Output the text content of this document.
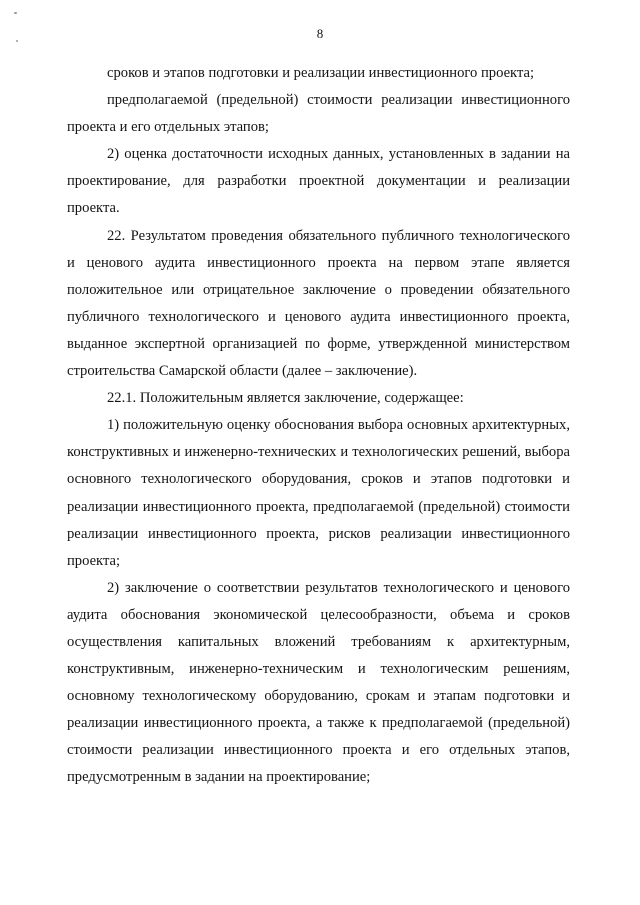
8

сроков и этапов подготовки и реализации инвестиционного проекта;

предполагаемой (предельной) стоимости реализации инвестиционного проекта и его отдельных этапов;

2) оценка достаточности исходных данных, установленных в задании на проектирование, для разработки проектной документации и реализации проекта.

22. Результатом проведения обязательного публичного технологического и ценового аудита инвестиционного проекта на первом этапе является положительное или отрицательное заключение о проведении обязательного публичного технологического и ценового аудита инвестиционного проекта, выданное экспертной организацией по форме, утвержденной министерством строительства Самарской области (далее – заключение).

22.1. Положительным является заключение, содержащее:

1) положительную оценку обоснования выбора основных архитектурных, конструктивных и инженерно-технических и технологических решений, выбора основного технологического оборудования, сроков и этапов подготовки и реализации инвестиционного проекта, предполагаемой (предельной) стоимости реализации инвестиционного проекта, рисков реализации инвестиционного проекта;

2) заключение о соответствии результатов технологического и ценового аудита обоснования экономической целесообразности, объема и сроков осуществления капитальных вложений требованиям к архитектурным, конструктивным, инженерно-техническим и технологическим решениям, основному технологическому оборудованию, срокам и этапам подготовки и реализации инвестиционного проекта, а также к предполагаемой (предельной) стоимости реализации инвестиционного проекта и его отдельных этапов, предусмотренным в задании на проектирование;
